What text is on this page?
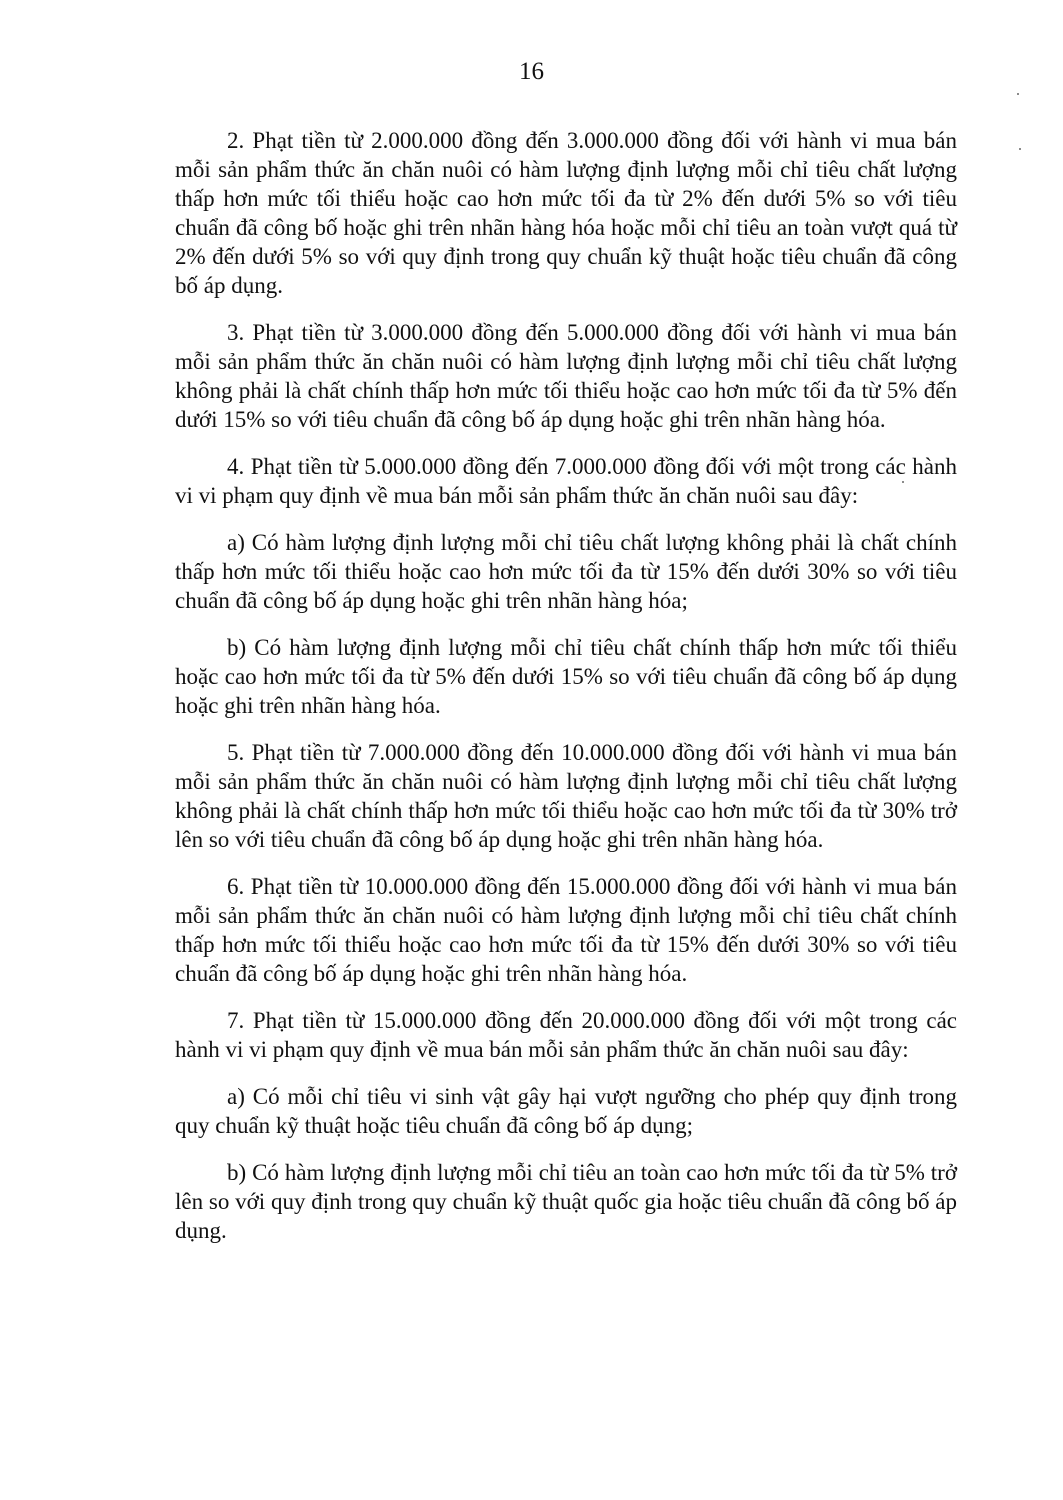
16

2. Phạt tiền từ 2.000.000 đồng đến 3.000.000 đồng đối với hành vi mua bán mỗi sản phẩm thức ăn chăn nuôi có hàm lượng định lượng mỗi chỉ tiêu chất lượng thấp hơn mức tối thiểu hoặc cao hơn mức tối đa từ 2% đến dưới 5% so với tiêu chuẩn đã công bố hoặc ghi trên nhãn hàng hóa hoặc mỗi chỉ tiêu an toàn vượt quá từ 2% đến dưới 5% so với quy định trong quy chuẩn kỹ thuật hoặc tiêu chuẩn đã công bố áp dụng.

3. Phạt tiền từ 3.000.000 đồng đến 5.000.000 đồng đối với hành vi mua bán mỗi sản phẩm thức ăn chăn nuôi có hàm lượng định lượng mỗi chỉ tiêu chất lượng không phải là chất chính thấp hơn mức tối thiểu hoặc cao hơn mức tối đa từ 5% đến dưới 15% so với tiêu chuẩn đã công bố áp dụng hoặc ghi trên nhãn hàng hóa.

4. Phạt tiền từ 5.000.000 đồng đến 7.000.000 đồng đối với một trong các hành vi vi phạm quy định về mua bán mỗi sản phẩm thức ăn chăn nuôi sau đây:

a) Có hàm lượng định lượng mỗi chỉ tiêu chất lượng không phải là chất chính thấp hơn mức tối thiểu hoặc cao hơn mức tối đa từ 15% đến dưới 30% so với tiêu chuẩn đã công bố áp dụng hoặc ghi trên nhãn hàng hóa;

b) Có hàm lượng định lượng mỗi chỉ tiêu chất chính thấp hơn mức tối thiểu hoặc cao hơn mức tối đa từ 5% đến dưới 15% so với tiêu chuẩn đã công bố áp dụng hoặc ghi trên nhãn hàng hóa.

5. Phạt tiền từ 7.000.000 đồng đến 10.000.000 đồng đối với hành vi mua bán mỗi sản phẩm thức ăn chăn nuôi có hàm lượng định lượng mỗi chỉ tiêu chất lượng không phải là chất chính thấp hơn mức tối thiểu hoặc cao hơn mức tối đa từ 30% trở lên so với tiêu chuẩn đã công bố áp dụng hoặc ghi trên nhãn hàng hóa.

6. Phạt tiền từ 10.000.000 đồng đến 15.000.000 đồng đối với hành vi mua bán mỗi sản phẩm thức ăn chăn nuôi có hàm lượng định lượng mỗi chỉ tiêu chất chính thấp hơn mức tối thiểu hoặc cao hơn mức tối đa từ 15% đến dưới 30% so với tiêu chuẩn đã công bố áp dụng hoặc ghi trên nhãn hàng hóa.

7. Phạt tiền từ 15.000.000 đồng đến 20.000.000 đồng đối với một trong các hành vi vi phạm quy định về mua bán mỗi sản phẩm thức ăn chăn nuôi sau đây:

a) Có mỗi chỉ tiêu vi sinh vật gây hại vượt ngưỡng cho phép quy định trong quy chuẩn kỹ thuật hoặc tiêu chuẩn đã công bố áp dụng;

b) Có hàm lượng định lượng mỗi chỉ tiêu an toàn cao hơn mức tối đa từ 5% trở lên so với quy định trong quy chuẩn kỹ thuật quốc gia hoặc tiêu chuẩn đã công bố áp dụng.
